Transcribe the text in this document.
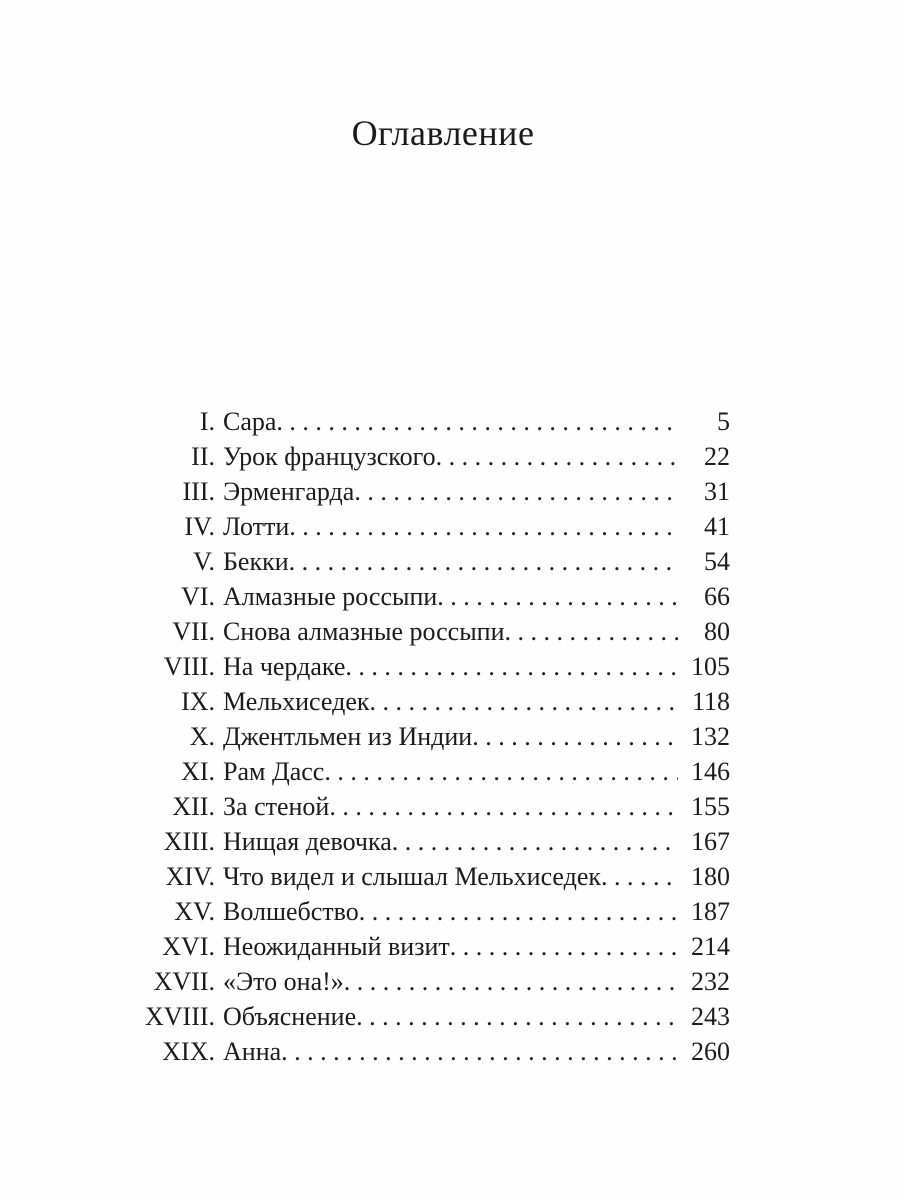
Оглавление
I. Сара . . .	5
II. Урок французского . . .	22
III. Эрменгарда . . .	31
IV. Лотти . . .	41
V. Бекки . . .	54
VI. Алмазные россыпи . . .	66
VII. Снова алмазные россыпи . . .	80
VIII. На чердаке . . .	105
IX. Мельхиседек . . .	118
X. Джентльмен из Индии . . .	132
XI. Рам Дасс . . .	146
XII. За стеной . . .	155
XIII. Нищая девочка . . .	167
XIV. Что видел и слышал Мельхиседек . . .	180
XV. Волшебство . . .	187
XVI. Неожиданный визит . . .	214
XVII. «Это она!» . . .	232
XVIII. Объяснение . . .	243
XIX. Анна . . .	260
